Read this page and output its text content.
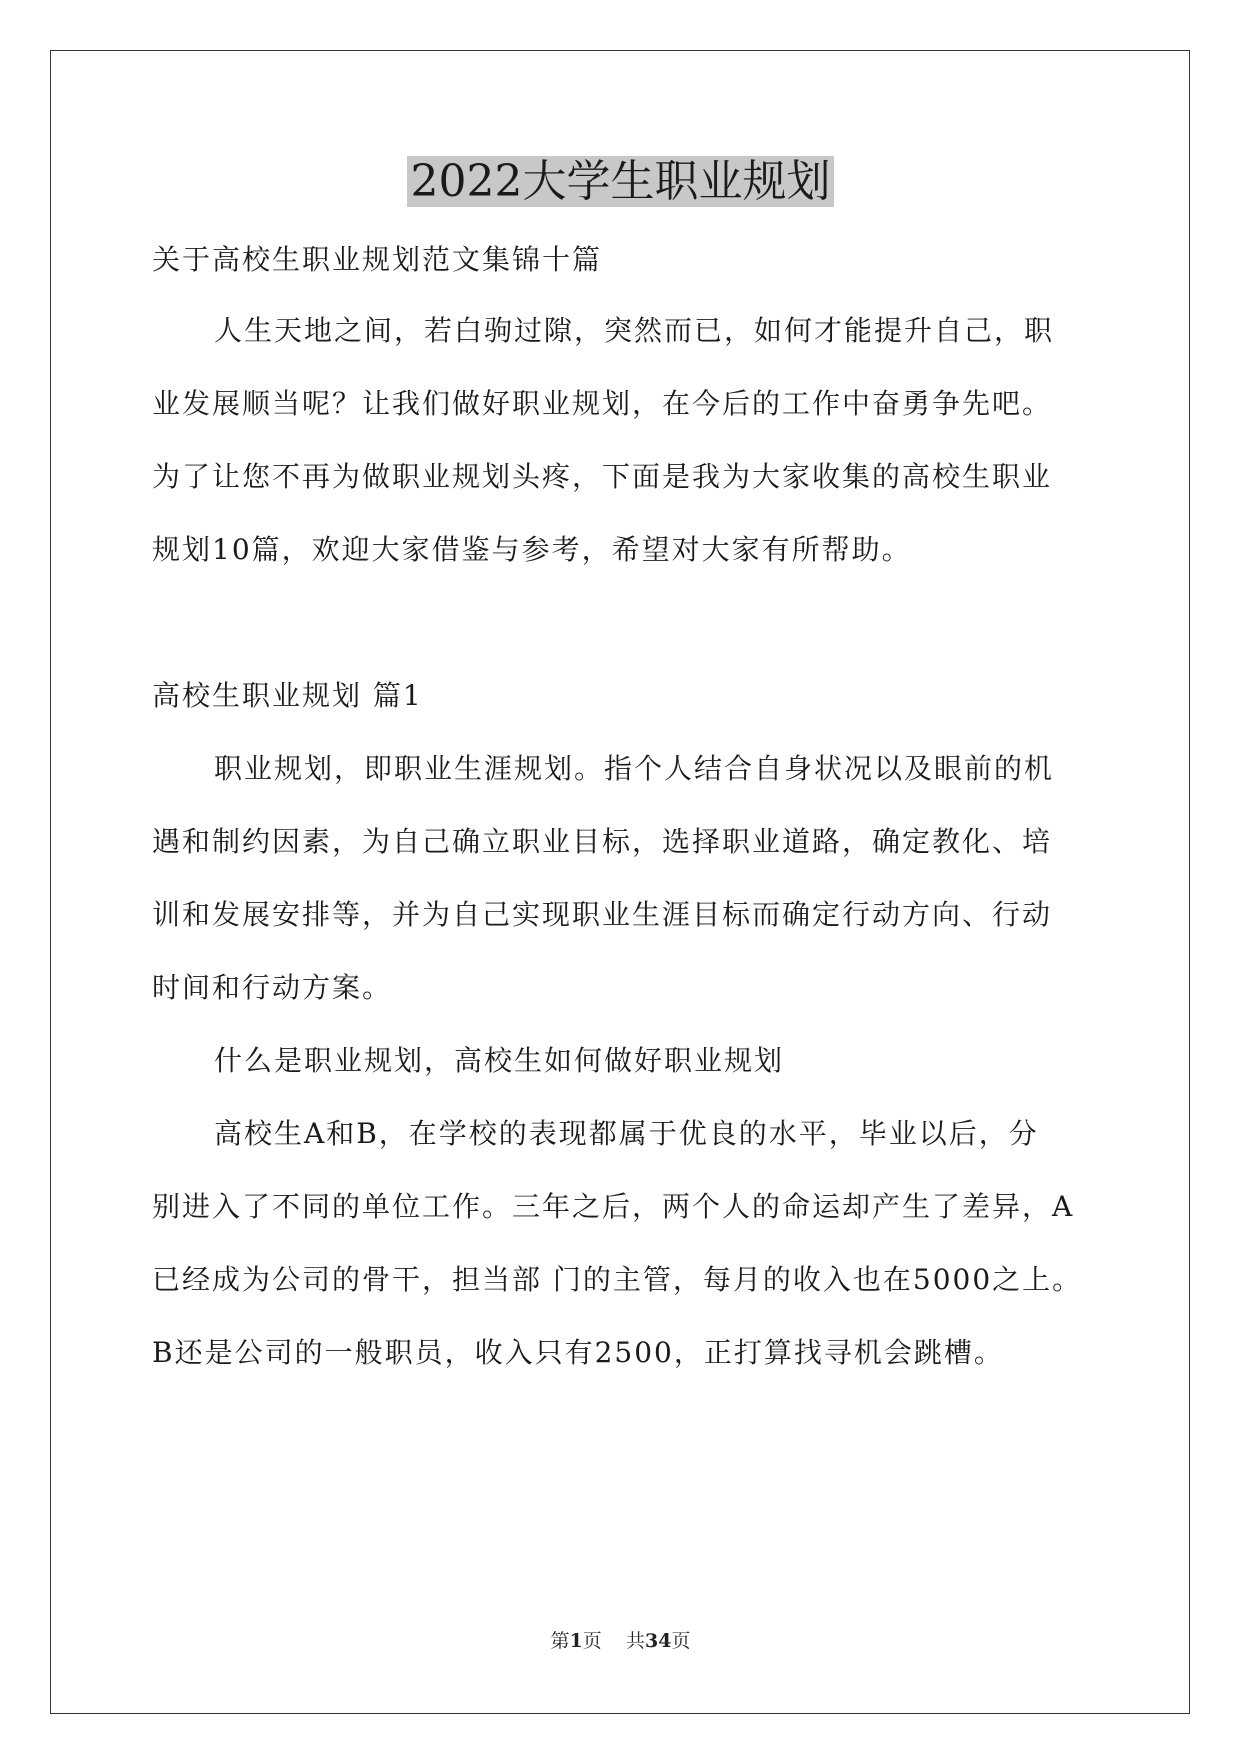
2022大学生职业规划
关于高校生职业规划范文集锦十篇
人生天地之间，若白驹过隙，突然而已，如何才能提升自己，职
业发展顺当呢？让我们做好职业规划，在今后的工作中奋勇争先吧。
为了让您不再为做职业规划头疼，下面是我为大家收集的高校生职业
规划10篇，欢迎大家借鉴与参考，希望对大家有所帮助。
高校生职业规划 篇1
职业规划，即职业生涯规划。指个人结合自身状况以及眼前的机
遇和制约因素，为自己确立职业目标，选择职业道路，确定教化、培
训和发展安排等，并为自己实现职业生涯目标而确定行动方向、行动
时间和行动方案。
什么是职业规划，高校生如何做好职业规划
高校生A和B，在学校的表现都属于优良的水平，毕业以后，分
别进入了不同的单位工作。三年之后，两个人的命运却产生了差异，A
已经成为公司的骨干，担当部 门的主管，每月的收入也在5000之上。
B还是公司的一般职员，收入只有2500，正打算找寻机会跳槽。
第1页 共34页
